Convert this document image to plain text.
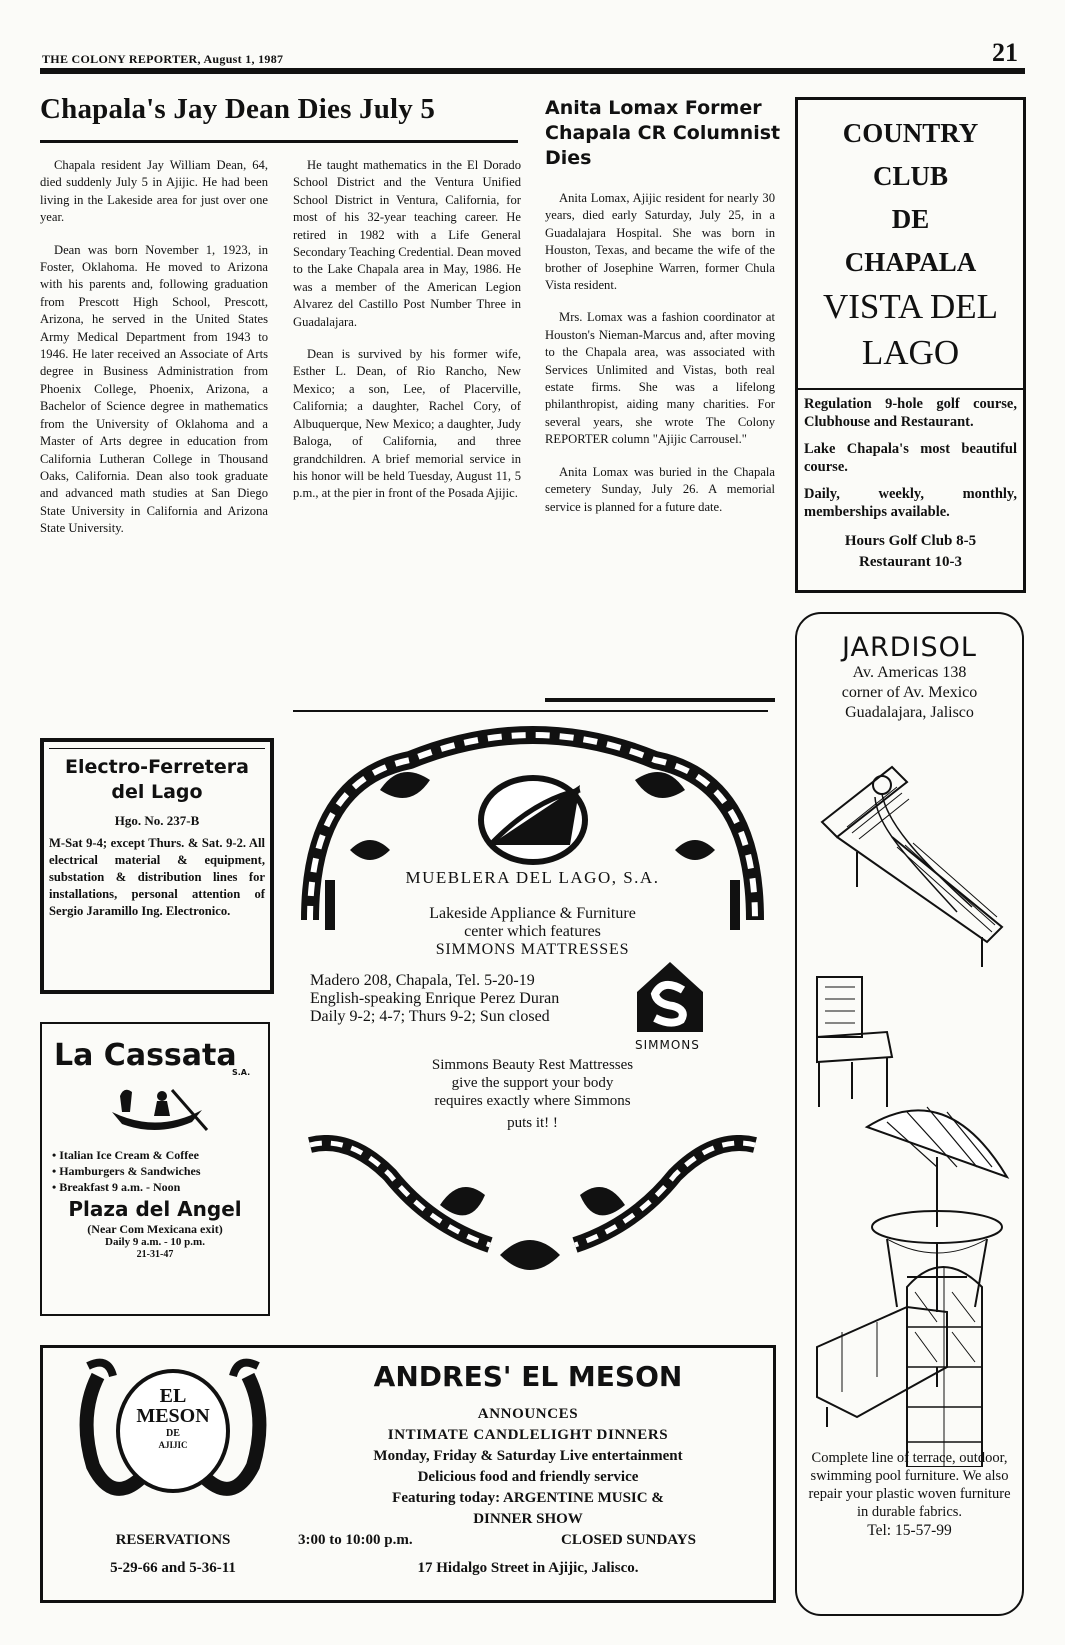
THE COLONY REPORTER, August 1, 1987	21
Chapala's Jay Dean Dies July 5

Chapala resident Jay William Dean, 64, died suddenly July 5 in Ajijic. He had been living in the Lakeside area for just over one year.

Dean was born November 1, 1923, in Foster, Oklahoma. He moved to Arizona with his parents and, following graduation from Prescott High School, Prescott, Arizona, he served in the United States Army Medical Department from 1943 to 1946. He later received an Associate of Arts degree in Business Administration from Phoenix College, Phoenix, Arizona, a Bachelor of Science degree in mathematics from the University of Oklahoma and a Master of Arts degree in education from California Lutheran College in Thousand Oaks, California. Dean also took graduate and advanced math studies at San Diego State University in California and Arizona State University.

He taught mathematics in the El Dorado School District and the Ventura Unified School District in Ventura, California, for most of his 32-year teaching career. He retired in 1982 with a Life General Secondary Teaching Credential. Dean moved to the Lake Chapala area in May, 1986. He was a member of the American Legion Alvarez del Castillo Post Number Three in Guadalajara.

Dean is survived by his former wife, Esther L. Dean, of Rio Rancho, New Mexico; a son, Lee, of Placerville, California; a daughter, Rachel Cory, of Albuquerque, New Mexico; a daughter, Judy Baloga, of California, and three grandchildren. A brief memorial service in his honor will be held Tuesday, August 11, 5 p.m., at the pier in front of the Posada Ajijic.

Anita Lomax Former Chapala CR Columnist Dies

Anita Lomax, Ajijic resident for nearly 30 years, died early Saturday, July 25, in a Guadalajara Hospital. She was born in Houston, Texas, and became the wife of the brother of Josephine Warren, former Chula Vista resident.

Mrs. Lomax was a fashion coordinator at Houston's Nieman-Marcus and, after moving to the Chapala area, was associated with Services Unlimited and Vistas, both real estate firms. She was a lifelong philanthropist, aiding many charities. For several years, she wrote The Colony REPORTER column "Ajijic Carrousel."

Anita Lomax was buried in the Chapala cemetery Sunday, July 26. A memorial service is planned for a future date.

COUNTRY
CLUB
DE
CHAPALA
VISTA DEL
LAGO
Regulation 9-hole golf course, Clubhouse and Restaurant.
Lake Chapala's most beautiful course.
Daily, weekly, monthly, memberships available.
Hours Golf Club 8-5
Restaurant 10-3
JARDISOL
Av. Americas 138
corner of Av. Mexico
Guadalajara, Jalisco
Complete line of terrace, outdoor, swimming pool furniture. We also repair your plastic woven furniture in durable fabrics.
Tel: 15-57-99
Electro-Ferretera
del Lago
Hgo. No. 237-B
M-Sat 9-4; except Thurs. & Sat. 9-2. All electrical material & equipment, substation & distribution lines for installations, personal attention of Sergio Jaramillo Ing. Electronico.
La Cassata
S.A.
• Italian Ice Cream & Coffee
• Hamburgers & Sandwiches
• Breakfast 9 a.m. - Noon
Plaza del Angel
(Near Com Mexicana exit)
Daily 9 a.m. - 10 p.m.
21-31-47
MUEBLERA DEL LAGO, S.A.
Lakeside Appliance & Furniture
center which features
SIMMONS MATTRESSES
Madero 208, Chapala, Tel. 5-20-19
English-speaking Enrique Perez Duran
Daily 9-2; 4-7; Thurs 9-2; Sun closed
SIMMONS
Simmons Beauty Rest Mattresses
give the support your body
requires exactly where Simmons
puts it! !
EL
MESON
DE
AJIJIC
ANDRES' EL MESON
ANNOUNCES
INTIMATE CANDLELIGHT DINNERS
Monday, Friday & Saturday Live entertainment
Delicious food and friendly service
Featuring today: ARGENTINE MUSIC &
DINNER SHOW
RESERVATIONS
5-29-66 and 5-36-11
3:00 to 10:00 p.m.	CLOSED SUNDAYS
17 Hidalgo Street in Ajijic, Jalisco.
